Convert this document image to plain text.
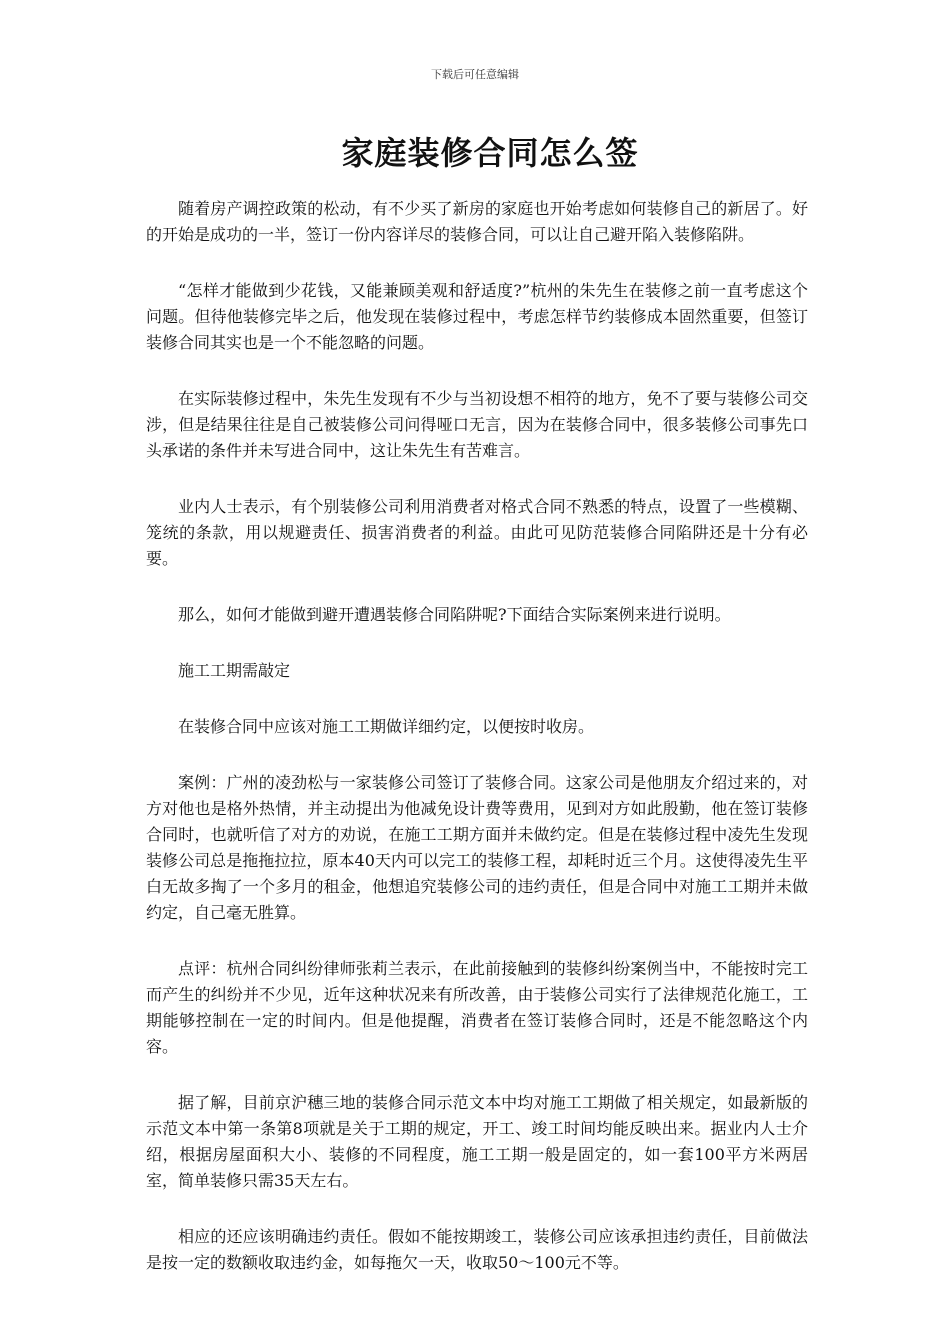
下载后可任意编辑
家庭装修合同怎么签

随着房产调控政策的松动，有不少买了新房的家庭也开始考虑如何装修自己的新居了。好的开始是成功的一半，签订一份内容详尽的装修合同，可以让自己避开陷入装修陷阱。

“怎样才能做到少花钱，又能兼顾美观和舒适度?”杭州的朱先生在装修之前一直考虑这个问题。但待他装修完毕之后，他发现在装修过程中，考虑怎样节约装修成本固然重要，但签订装修合同其实也是一个不能忽略的问题。

在实际装修过程中，朱先生发现有不少与当初设想不相符的地方，免不了要与装修公司交涉，但是结果往往是自己被装修公司问得哑口无言，因为在装修合同中，很多装修公司事先口头承诺的条件并未写进合同中，这让朱先生有苦难言。

业内人士表示，有个别装修公司利用消费者对格式合同不熟悉的特点，设置了一些模糊、笼统的条款，用以规避责任、损害消费者的利益。由此可见防范装修合同陷阱还是十分有必要。

那么，如何才能做到避开遭遇装修合同陷阱呢?下面结合实际案例来进行说明。

施工工期需敲定

在装修合同中应该对施工工期做详细约定，以便按时收房。

案例：广州的凌劲松与一家装修公司签订了装修合同。这家公司是他朋友介绍过来的，对方对他也是格外热情，并主动提出为他减免设计费等费用，见到对方如此殷勤，他在签订装修合同时，也就听信了对方的劝说，在施工工期方面并未做约定。但是在装修过程中凌先生发现装修公司总是拖拖拉拉，原本40天内可以完工的装修工程，却耗时近三个月。这使得凌先生平白无故多掏了一个多月的租金，他想追究装修公司的违约责任，但是合同中对施工工期并未做约定，自己毫无胜算。

点评：杭州合同纠纷律师张莉兰表示，在此前接触到的装修纠纷案例当中，不能按时完工而产生的纠纷并不少见，近年这种状况来有所改善，由于装修公司实行了法律规范化施工，工期能够控制在一定的时间内。但是他提醒，消费者在签订装修合同时，还是不能忽略这个内容。

据了解，目前京沪穗三地的装修合同示范文本中均对施工工期做了相关规定，如最新版的示范文本中第一条第8项就是关于工期的规定，开工、竣工时间均能反映出来。据业内人士介绍，根据房屋面积大小、装修的不同程度，施工工期一般是固定的，如一套100平方米两居室，简单装修只需35天左右。

相应的还应该明确违约责任。假如不能按期竣工，装修公司应该承担违约责任，目前做法是按一定的数额收取违约金，如每拖欠一天，收取50～100元不等。
